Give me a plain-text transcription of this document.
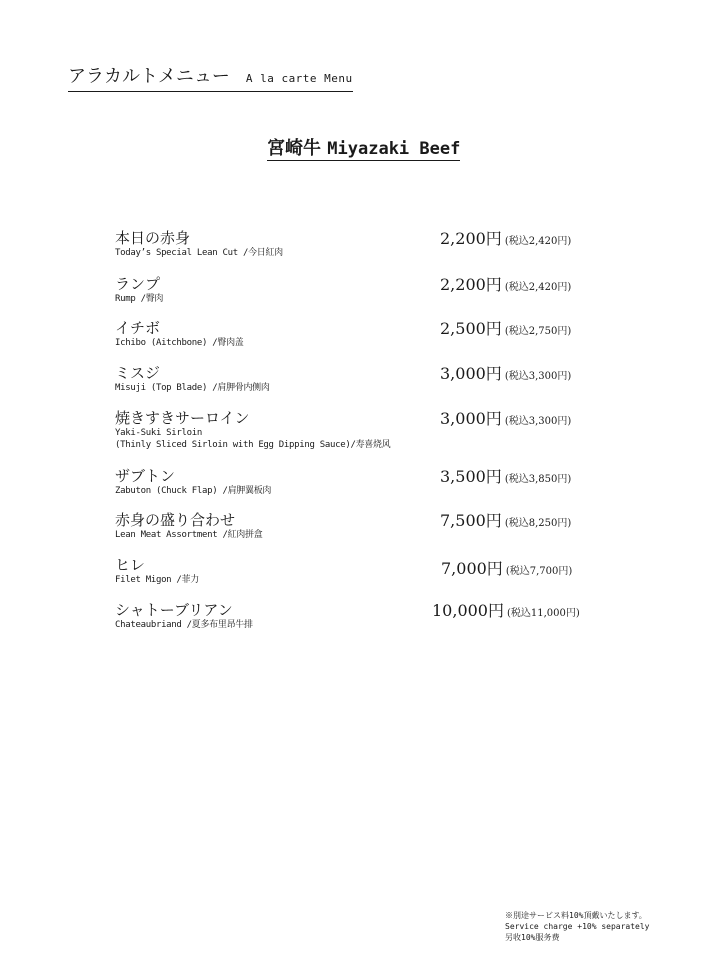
アラカルトメニュー A la carte Menu
宮崎牛 Miyazaki Beef
本日の赤身
Today’s Special Lean Cut /今日紅肉
2,200円 (税込2,420円)
ランプ
Rump /臀肉
2,200円 (税込2,420円)
イチボ
Ichibo (Aitchbone) /臀肉盖
2,500円 (税込2,750円)
ミスジ
Misuji (Top Blade) /肩胛骨内侧肉
3,000円 (税込3,300円)
焼きすきサーロイン
Yaki-Suki Sirloin
(Thinly Sliced Sirloin with Egg Dipping Sauce)/寿喜烧风
3,000円 (税込3,300円)
ザブトン
Zabuton (Chuck Flap) /肩胛翼板肉
3,500円 (税込3,850円)
赤身の盛り合わせ
Lean Meat Assortment /紅肉拼盒
7,500円 (税込8,250円)
ヒレ
Filet Migon /菲力
7,000円 (税込7,700円)
シャトーブリアン
Chateaubriand /夏多布里昂牛排
10,000円 (税込11,000円)
※別途サービス料10%頂戴いたします。
Service charge +10% separately
另收10%服务费
